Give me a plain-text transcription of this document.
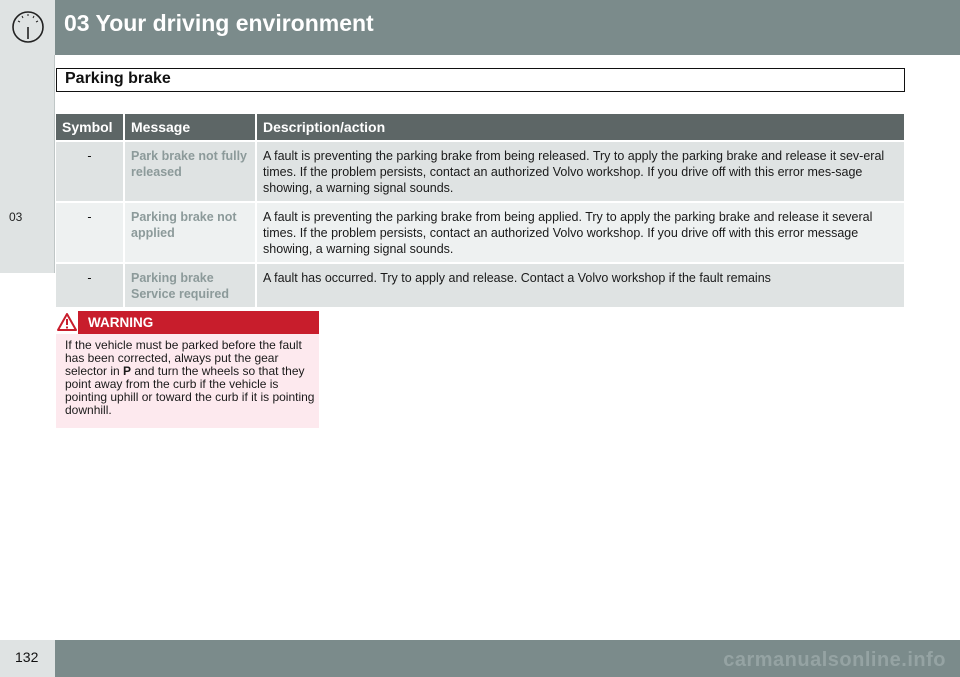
03 Your driving environment
03
Parking brake
Symbol	Message	Description/action
-	Park brake not fully released	A fault is preventing the parking brake from being released. Try to apply the parking brake and release it sev-eral times. If the problem persists, contact an authorized Volvo workshop. If you drive off with this error mes-sage showing, a warning signal sounds.
-	Parking brake not applied	A fault is preventing the parking brake from being applied. Try to apply the parking brake and release it several times. If the problem persists, contact an authorized Volvo workshop. If you drive off with this error message showing, a warning signal sounds.
-	Parking brake Service required	A fault has occurred. Try to apply and release. Contact a Volvo workshop if the fault remains
WARNING
If the vehicle must be parked before the fault has been corrected, always put the gear selector in P and turn the wheels so that they point away from the curb if the vehicle is pointing uphill or toward the curb if it is pointing downhill.
132	carmanualsonline.info
